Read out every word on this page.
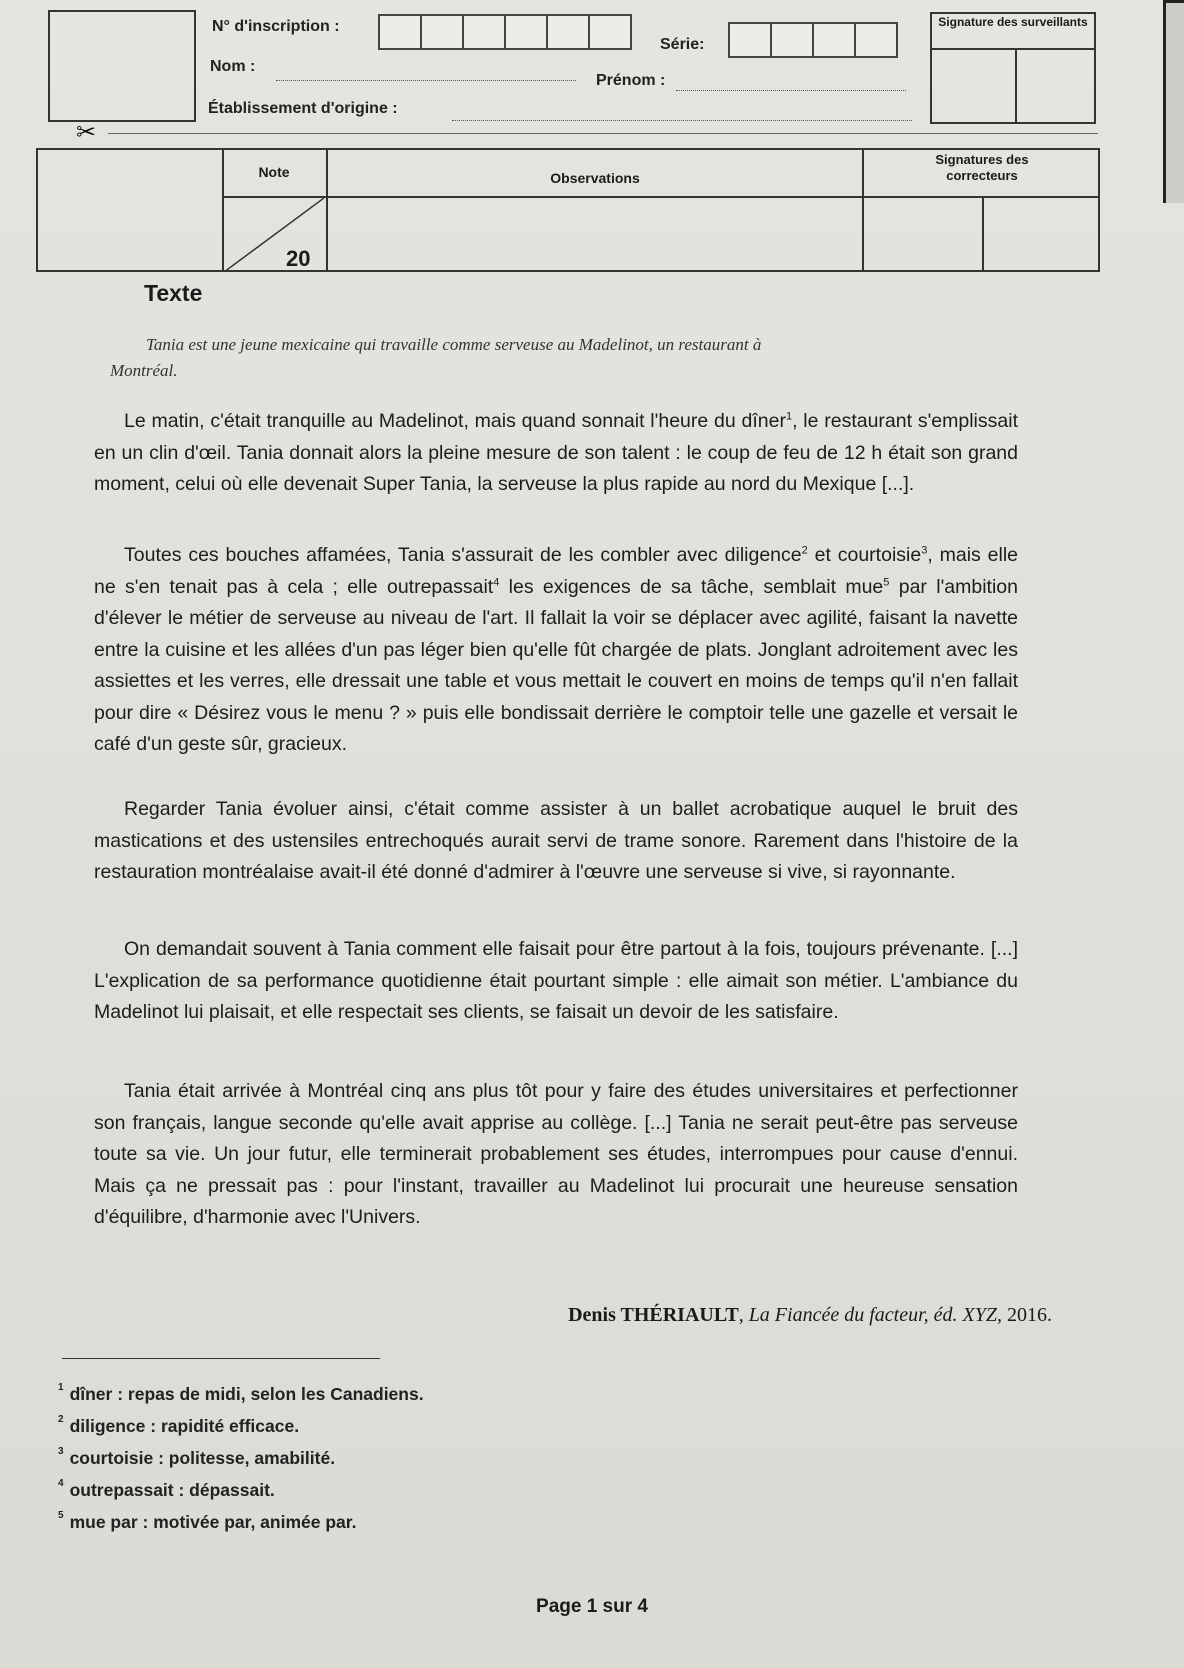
N° d'inscription :
Série:
Nom :
Prénom :
Établissement d'origine :
Signature des surveillants
✂
Note	Observations
Signatures des correcteurs
20
Texte
Tania est une jeune mexicaine qui travaille comme serveuse au Madelinot, un restaurant à
Montréal.

Le matin, c'était tranquille au Madelinot, mais quand sonnait l'heure du dîner$^1$, le restaurant s'emplissait en un clin d'œil. Tania donnait alors la pleine mesure de son talent : le coup de feu de 12 h était son grand moment, celui où elle devenait Super Tania, la serveuse la plus rapide au nord du Mexique [...].

Toutes ces bouches affamées, Tania s'assurait de les combler avec diligence$^2$ et courtoisie$^3$, mais elle ne s'en tenait pas à cela ; elle outrepassait$^4$ les exigences de sa tâche, semblait mue$^5$ par l'ambition d'élever le métier de serveuse au niveau de l'art. Il fallait la voir se déplacer avec agilité, faisant la navette entre la cuisine et les allées d'un pas léger bien qu'elle fût chargée de plats. Jonglant adroitement avec les assiettes et les verres, elle dressait une table et vous mettait le couvert en moins de temps qu'il n'en fallait pour dire « Désirez vous le menu ? » puis elle bondissait derrière le comptoir telle une gazelle et versait le café d'un geste sûr, gracieux.

Regarder Tania évoluer ainsi, c'était comme assister à un ballet acrobatique auquel le bruit des mastications et des ustensiles entrechoqués aurait servi de trame sonore. Rarement dans l'histoire de la restauration montréalaise avait-il été donné d'admirer à l'œuvre une serveuse si vive, si rayonnante.

On demandait souvent à Tania comment elle faisait pour être partout à la fois, toujours prévenante. [...] L'explication de sa performance quotidienne était pourtant simple : elle aimait son métier. L'ambiance du Madelinot lui plaisait, et elle respectait ses clients, se faisait un devoir de les satisfaire.

Tania était arrivée à Montréal cinq ans plus tôt pour y faire des études universitaires et perfectionner son français, langue seconde qu'elle avait apprise au collège. [...] Tania ne serait peut-être pas serveuse toute sa vie. Un jour futur, elle terminerait probablement ses études, interrompues pour cause d'ennui. Mais ça ne pressait pas : pour l'instant, travailler au Madelinot lui procurait une heureuse sensation d'équilibre, d'harmonie avec l'Univers.

Denis THÉRIAULT, La Fiancée du facteur, éd. XYZ, 2016.
$^1$ dîner : repas de midi, selon les Canadiens.
$^2$ diligence : rapidité efficace.
$^3$ courtoisie : politesse, amabilité.
$^4$ outrepassait : dépassait.
$^5$ mue par : motivée par, animée par.
Page 1 sur 4
